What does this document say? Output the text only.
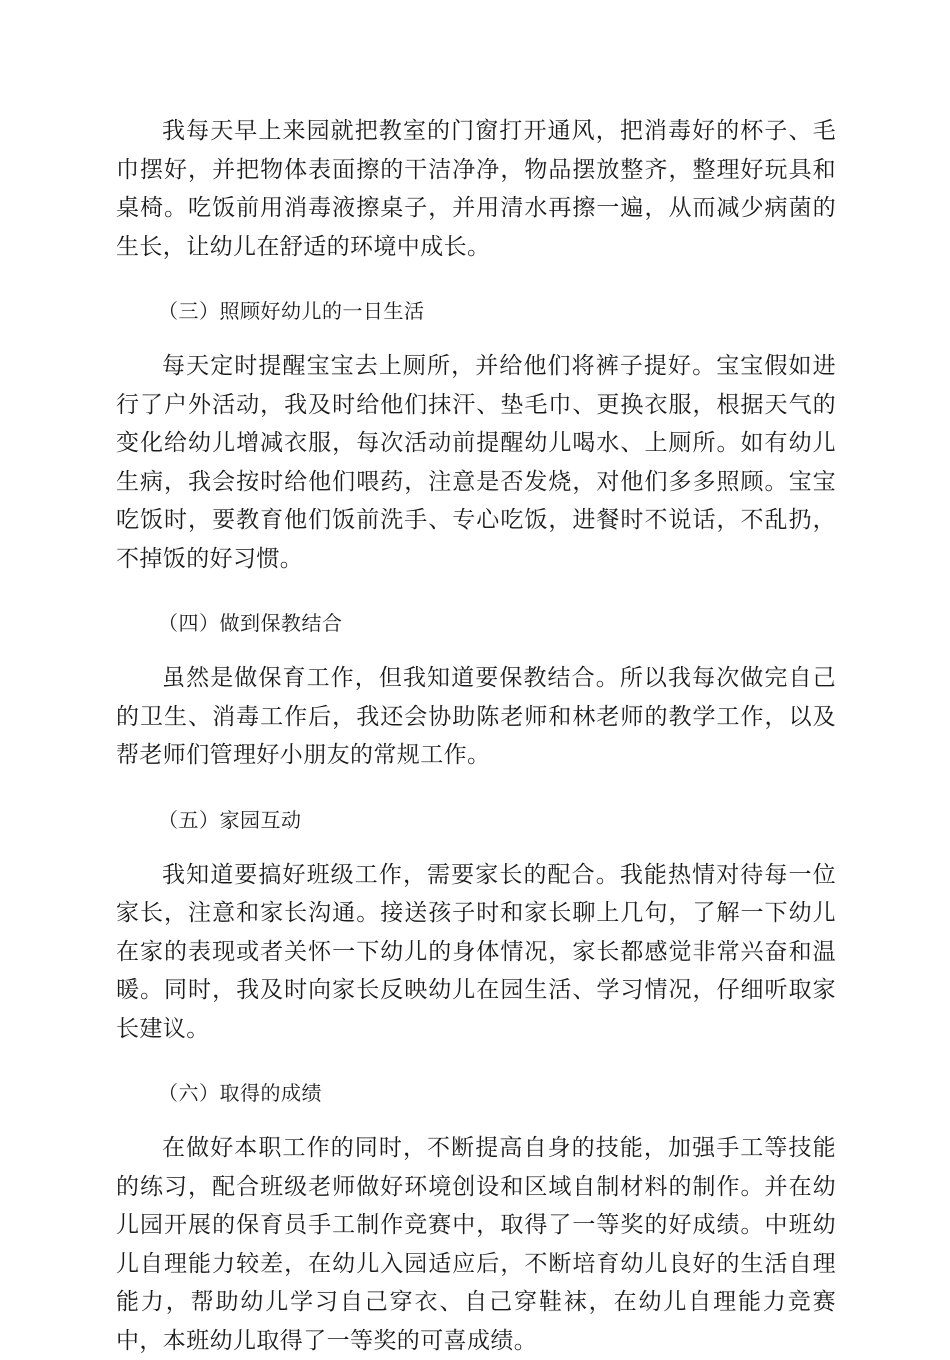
我每天早上来园就把教室的门窗打开通风，把消毒好的杯子、毛巾摆好，并把物体表面擦的干洁净净，物品摆放整齐，整理好玩具和桌椅。吃饭前用消毒液擦桌子，并用清水再擦一遍，从而减少病菌的生长，让幼儿在舒适的环境中成长。

（三）照顾好幼儿的一日生活

每天定时提醒宝宝去上厕所，并给他们将裤子提好。宝宝假如进行了户外活动，我及时给他们抹汗、垫毛巾、更换衣服，根据天气的变化给幼儿增减衣服，每次活动前提醒幼儿喝水、上厕所。如有幼儿生病，我会按时给他们喂药，注意是否发烧，对他们多多照顾。宝宝吃饭时，要教育他们饭前洗手、专心吃饭，进餐时不说话，不乱扔，不掉饭的好习惯。

（四）做到保教结合

虽然是做保育工作，但我知道要保教结合。所以我每次做完自己的卫生、消毒工作后，我还会协助陈老师和林老师的教学工作，以及帮老师们管理好小朋友的常规工作。

（五）家园互动

我知道要搞好班级工作，需要家长的配合。我能热情对待每一位家长，注意和家长沟通。接送孩子时和家长聊上几句，了解一下幼儿在家的表现或者关怀一下幼儿的身体情况，家长都感觉非常兴奋和温暖。同时，我及时向家长反映幼儿在园生活、学习情况，仔细听取家长建议。

（六）取得的成绩

在做好本职工作的同时，不断提高自身的技能，加强手工等技能的练习，配合班级老师做好环境创设和区域自制材料的制作。并在幼儿园开展的保育员手工制作竞赛中，取得了一等奖的好成绩。中班幼儿自理能力较差，在幼儿入园适应后，不断培育幼儿良好的生活自理能力，帮助幼儿学习自己穿衣、自己穿鞋袜，在幼儿自理能力竞赛中，本班幼儿取得了一等奖的可喜成绩。
